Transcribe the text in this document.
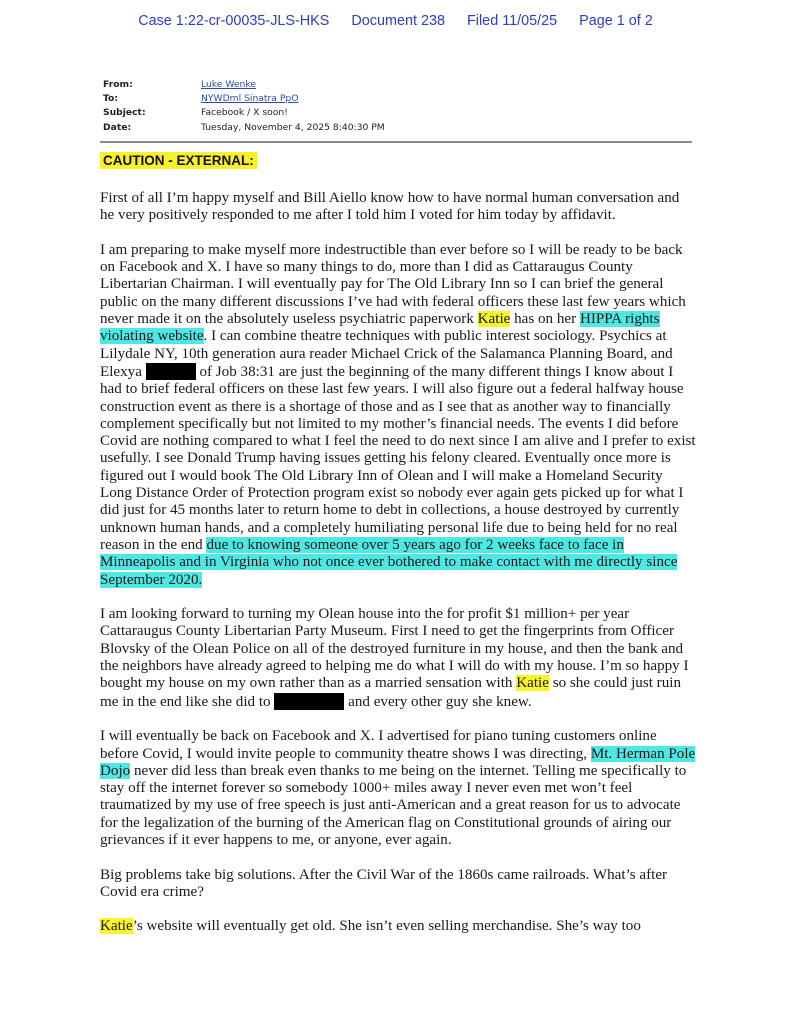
Case 1:22-cr-00035-JLS-HKS Document 238 Filed 11/05/25 Page 1 of 2
From:	Luke Wenke
To:	NYWDml Sinatra PpO
Subject:	Facebook / X soon!
Date:	Tuesday, November 4, 2025 8:40:30 PM
CAUTION - EXTERNAL:

First of all I’m happy myself and Bill Aiello know how to have normal human conversation and he very positively responded to me after I told him I voted for him today by affidavit.

I am preparing to make myself more indestructible than ever before so I will be ready to be back on Facebook and X. I have so many things to do, more than I did as Cattaraugus County Libertarian Chairman. I will eventually pay for The Old Library Inn so I can brief the general public on the many different discussions I’ve had with federal officers these last few years which never made it on the absolutely useless psychiatric paperwork Katie has on her HIPPA rights violating website. I can combine theatre techniques with public interest sociology. Psychics at Lilydale NY, 10th generation aura reader Michael Crick of the Salamanca Planning Board, and Elexya	of Job 38:31 are just the beginning of the many different things I know about I had to brief federal officers on these last few years. I will also figure out a federal halfway house construction event as there is a shortage of those and as I see that as another way to financially complement specifically but not limited to my mother’s financial needs. The events I did before Covid are nothing compared to what I feel the need to do next since I am alive and I prefer to exist usefully. I see Donald Trump having issues getting his felony cleared. Eventually once more is figured out I would book The Old Library Inn of Olean and I will make a Homeland Security Long Distance Order of Protection program exist so nobody ever again gets picked up for what I did just for 45 months later to return home to debt in collections, a house destroyed by currently unknown human hands, and a completely humiliating personal life due to being held for no real reason in the end due to knowing someone over 5 years ago for 2 weeks face to face in Minneapolis and in Virginia who not once ever bothered to make contact with me directly since September 2020.

I am looking forward to turning my Olean house into the for profit $1 million+ per year Cattaraugus County Libertarian Party Museum. First I need to get the fingerprints from Officer Blovsky of the Olean Police on all of the destroyed furniture in my house, and then the bank and the neighbors have already agreed to helping me do what I will do with my house. I’m so happy I bought my house on my own rather than as a married sensation with Katie so she could just ruin me in the end like she did to	and every other guy she knew.

I will eventually be back on Facebook and X. I advertised for piano tuning customers online before Covid, I would invite people to community theatre shows I was directing, Mt. Herman Pole Dojo never did less than break even thanks to me being on the internet. Telling me specifically to stay off the internet forever so somebody 1000+ miles away I never even met won’t feel traumatized by my use of free speech is just anti-American and a great reason for us to advocate for the legalization of the burning of the American flag on Constitutional grounds of airing our grievances if it ever happens to me, or anyone, ever again.

Big problems take big solutions. After the Civil War of the 1860s came railroads. What’s after Covid era crime?

Katie’s website will eventually get old. She isn’t even selling merchandise. She’s way too
